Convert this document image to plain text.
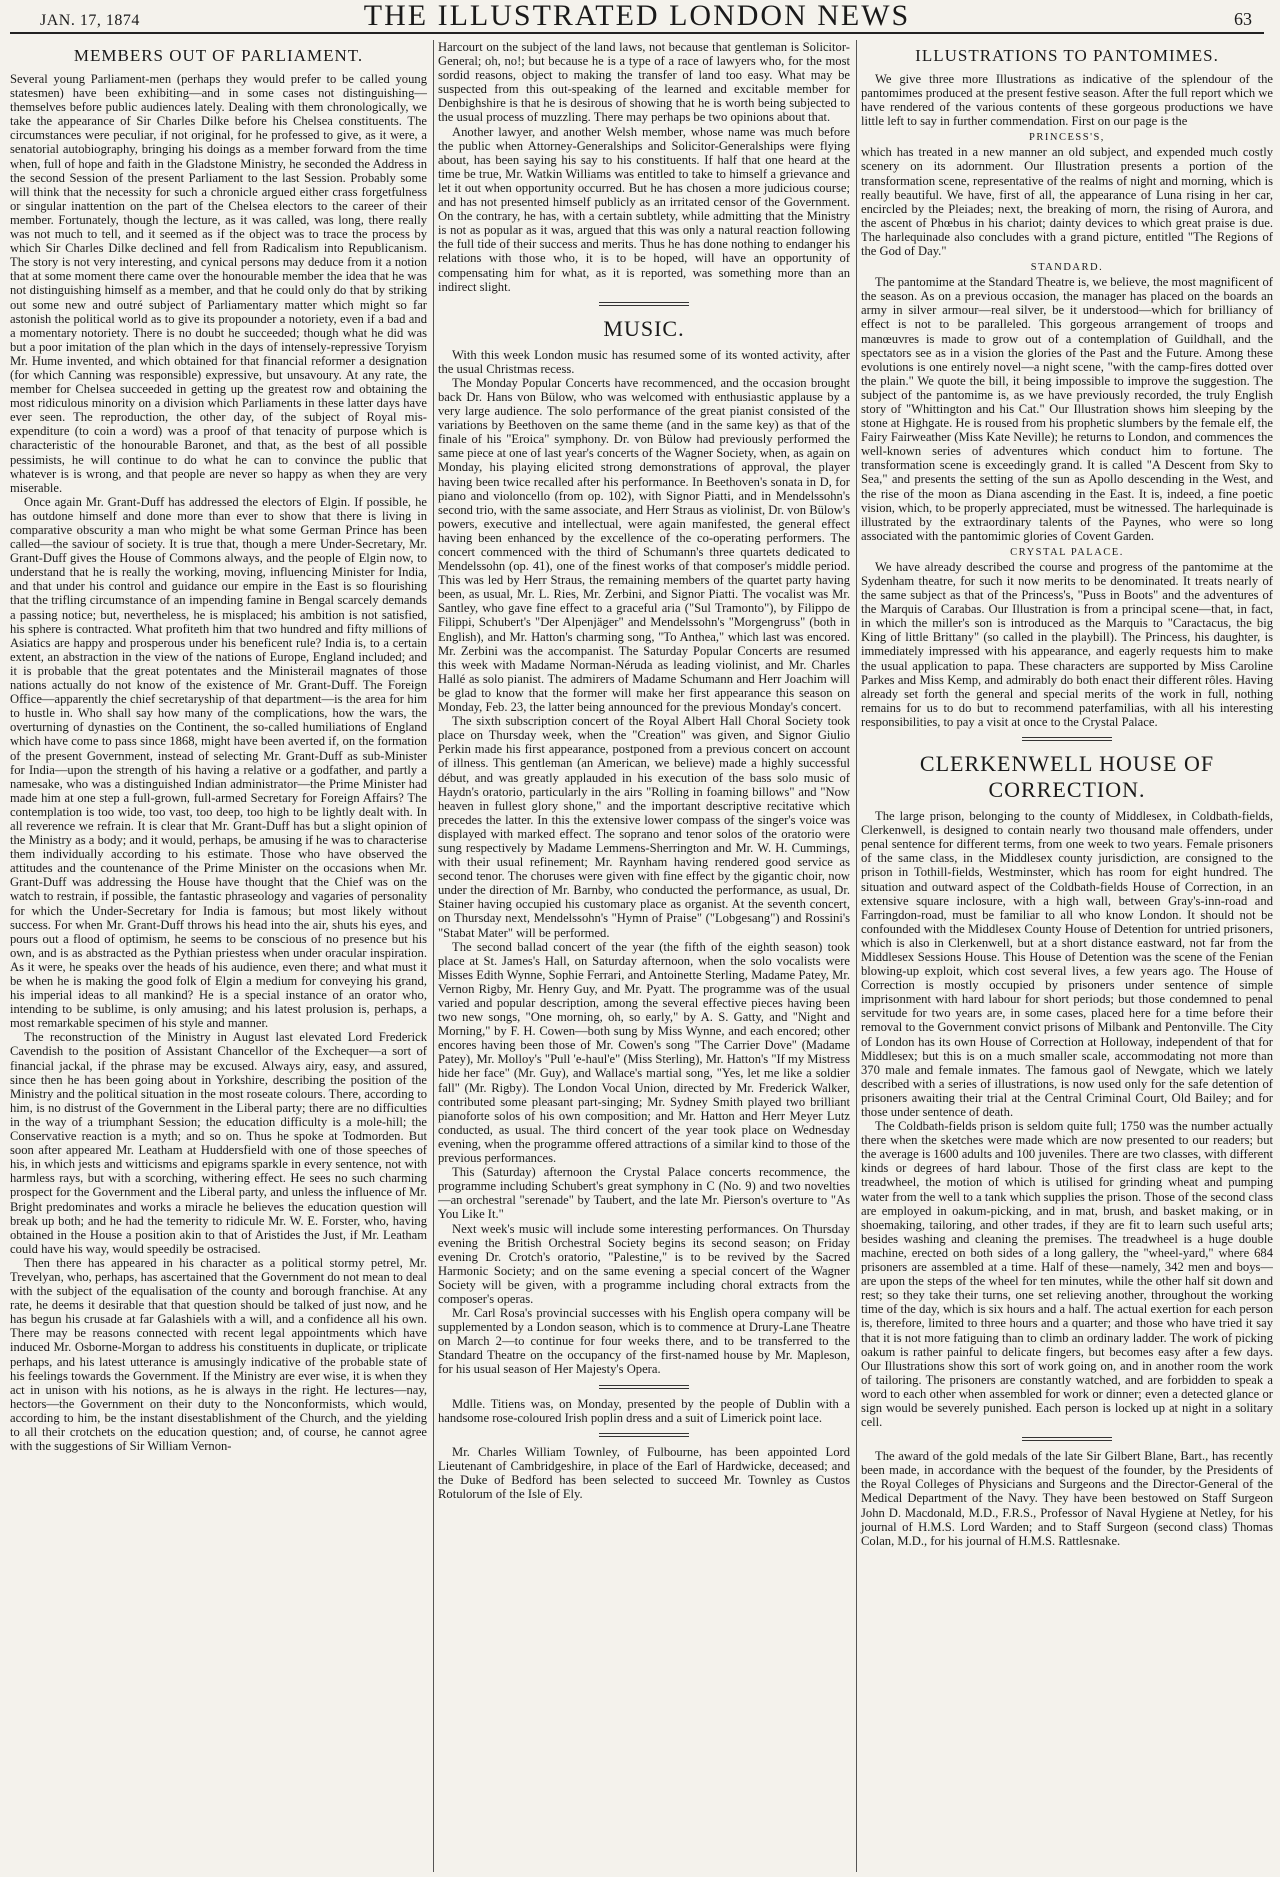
JAN. 17, 1874	THE ILLUSTRATED LONDON NEWS	63
MEMBERS OUT OF PARLIAMENT.

Several young Parliament-men (perhaps they would prefer to be called young statesmen) have been exhibiting—and in some cases not distinguishing—themselves before public audiences lately. Dealing with them chronologically, we take the appearance of Sir Charles Dilke before his Chelsea constituents. The circumstances were peculiar, if not original, for he professed to give, as it were, a senatorial autobiography, bringing his doings as a member forward from the time when, full of hope and faith in the Gladstone Ministry, he seconded the Address in the second Session of the present Parliament to the last Session. Probably some will think that the necessity for such a chronicle argued either crass forgetfulness or singular inattention on the part of the Chelsea electors to the career of their member. Fortunately, though the lecture, as it was called, was long, there really was not much to tell, and it seemed as if the object was to trace the process by which Sir Charles Dilke declined and fell from Radicalism into Republicanism. The story is not very interesting, and cynical persons may deduce from it a notion that at some moment there came over the honourable member the idea that he was not distinguishing himself as a member, and that he could only do that by striking out some new and outré subject of Parliamentary matter which might so far astonish the political world as to give its propounder a notoriety, even if a bad and a momentary notoriety. There is no doubt he succeeded; though what he did was but a poor imitation of the plan which in the days of intensely-repressive Toryism Mr. Hume invented, and which obtained for that financial reformer a designation (for which Canning was responsible) expressive, but unsavoury. At any rate, the member for Chelsea succeeded in getting up the greatest row and obtaining the most ridiculous minority on a division which Parliaments in these latter days have ever seen. The reproduction, the other day, of the subject of Royal mis-expenditure (to coin a word) was a proof of that tenacity of purpose which is characteristic of the honourable Baronet, and that, as the best of all possible pessimists, he will continue to do what he can to convince the public that whatever is is wrong, and that people are never so happy as when they are very miserable.

Once again Mr. Grant-Duff has addressed the electors of Elgin. If possible, he has outdone himself and done more than ever to show that there is living in comparative obscurity a man who might be what some German Prince has been called—the saviour of society. It is true that, though a mere Under-Secretary, Mr. Grant-Duff gives the House of Commons always, and the people of Elgin now, to understand that he is really the working, moving, influencing Minister for India, and that under his control and guidance our empire in the East is so flourishing that the trifling circumstance of an impending famine in Bengal scarcely demands a passing notice; but, nevertheless, he is misplaced; his ambition is not satisfied, his sphere is contracted. What profiteth him that two hundred and fifty millions of Asiatics are happy and prosperous under his beneficent rule? India is, to a certain extent, an abstraction in the view of the nations of Europe, England included; and it is probable that the great potentates and the Ministerail magnates of those nations actually do not know of the existence of Mr. Grant-Duff. The Foreign Office—apparently the chief secretaryship of that department—is the area for him to hustle in. Who shall say how many of the complications, how the wars, the overturning of dynasties on the Continent, the so-called humiliations of England which have come to pass since 1868, might have been averted if, on the formation of the present Government, instead of selecting Mr. Grant-Duff as sub-Minister for India—upon the strength of his having a relative or a godfather, and partly a namesake, who was a distinguished Indian administrator—the Prime Minister had made him at one step a full-grown, full-armed Secretary for Foreign Affairs? The contemplation is too wide, too vast, too deep, too high to be lightly dealt with. In all reverence we refrain. It is clear that Mr. Grant-Duff has but a slight opinion of the Ministry as a body; and it would, perhaps, be amusing if he was to characterise them individually according to his estimate. Those who have observed the attitudes and the countenance of the Prime Minister on the occasions when Mr. Grant-Duff was addressing the House have thought that the Chief was on the watch to restrain, if possible, the fantastic phraseology and vagaries of personality for which the Under-Secretary for India is famous; but most likely without success. For when Mr. Grant-Duff throws his head into the air, shuts his eyes, and pours out a flood of optimism, he seems to be conscious of no presence but his own, and is as abstracted as the Pythian priestess when under oracular inspiration. As it were, he speaks over the heads of his audience, even there; and what must it be when he is making the good folk of Elgin a medium for conveying his grand, his imperial ideas to all mankind? He is a special instance of an orator who, intending to be sublime, is only amusing; and his latest prolusion is, perhaps, a most remarkable specimen of his style and manner.

The reconstruction of the Ministry in August last elevated Lord Frederick Cavendish to the position of Assistant Chancellor of the Exchequer—a sort of financial jackal, if the phrase may be excused. Always airy, easy, and assured, since then he has been going about in Yorkshire, describing the position of the Ministry and the political situation in the most roseate colours. There, according to him, is no distrust of the Government in the Liberal party; there are no difficulties in the way of a triumphant Session; the education difficulty is a mole-hill; the Conservative reaction is a myth; and so on. Thus he spoke at Todmorden. But soon after appeared Mr. Leatham at Huddersfield with one of those speeches of his, in which jests and witticisms and epigrams sparkle in every sentence, not with harmless rays, but with a scorching, withering effect. He sees no such charming prospect for the Government and the Liberal party, and unless the influence of Mr. Bright predominates and works a miracle he believes the education question will break up both; and he had the temerity to ridicule Mr. W. E. Forster, who, having obtained in the House a position akin to that of Aristides the Just, if Mr. Leatham could have his way, would speedily be ostracised.

Then there has appeared in his character as a political stormy petrel, Mr. Trevelyan, who, perhaps, has ascertained that the Government do not mean to deal with the subject of the equalisation of the county and borough franchise. At any rate, he deems it desirable that that question should be talked of just now, and he has begun his crusade at far Galashiels with a will, and a confidence all his own. There may be reasons connected with recent legal appointments which have induced Mr. Osborne-Morgan to address his constituents in duplicate, or triplicate perhaps, and his latest utterance is amusingly indicative of the probable state of his feelings towards the Government. If the Ministry are ever wise, it is when they act in unison with his notions, as he is always in the right. He lectures—nay, hectors—the Government on their duty to the Nonconformists, which would, according to him, be the instant disestablishment of the Church, and the yielding to all their crotchets on the education question; and, of course, he cannot agree with the suggestions of Sir William Vernon-

Harcourt on the subject of the land laws, not because that gentleman is Solicitor-General; oh, no!; but because he is a type of a race of lawyers who, for the most sordid reasons, object to making the transfer of land too easy. What may be suspected from this out-speaking of the learned and excitable member for Denbighshire is that he is desirous of showing that he is worth being subjected to the usual process of muzzling. There may perhaps be two opinions about that.

Another lawyer, and another Welsh member, whose name was much before the public when Attorney-Generalships and Solicitor-Generalships were flying about, has been saying his say to his constituents. If half that one heard at the time be true, Mr. Watkin Williams was entitled to take to himself a grievance and let it out when opportunity occurred. But he has chosen a more judicious course; and has not presented himself publicly as an irritated censor of the Government. On the contrary, he has, with a certain subtlety, while admitting that the Ministry is not as popular as it was, argued that this was only a natural reaction following the full tide of their success and merits. Thus he has done nothing to endanger his relations with those who, it is to be hoped, will have an opportunity of compensating him for what, as it is reported, was something more than an indirect slight.

MUSIC.

With this week London music has resumed some of its wonted activity, after the usual Christmas recess.

The Monday Popular Concerts have recommenced, and the occasion brought back Dr. Hans von Bülow, who was welcomed with enthusiastic applause by a very large audience. The solo performance of the great pianist consisted of the variations by Beethoven on the same theme (and in the same key) as that of the finale of his "Eroica" symphony. Dr. von Bülow had previously performed the same piece at one of last year's concerts of the Wagner Society, when, as again on Monday, his playing elicited strong demonstrations of approval, the player having been twice recalled after his performance. In Beethoven's sonata in D, for piano and violoncello (from op. 102), with Signor Piatti, and in Mendelssohn's second trio, with the same associate, and Herr Straus as violinist, Dr. von Bülow's powers, executive and intellectual, were again manifested, the general effect having been enhanced by the excellence of the co-operating performers. The concert commenced with the third of Schumann's three quartets dedicated to Mendelssohn (op. 41), one of the finest works of that composer's middle period. This was led by Herr Straus, the remaining members of the quartet party having been, as usual, Mr. L. Ries, Mr. Zerbini, and Signor Piatti. The vocalist was Mr. Santley, who gave fine effect to a graceful aria ("Sul Tramonto"), by Filippo de Filippi, Schubert's "Der Alpenjäger" and Mendelssohn's "Morgengruss" (both in English), and Mr. Hatton's charming song, "To Anthea," which last was encored. Mr. Zerbini was the accompanist. The Saturday Popular Concerts are resumed this week with Madame Norman-Néruda as leading violinist, and Mr. Charles Hallé as solo pianist. The admirers of Madame Schumann and Herr Joachim will be glad to know that the former will make her first appearance this season on Monday, Feb. 23, the latter being announced for the previous Monday's concert.

The sixth subscription concert of the Royal Albert Hall Choral Society took place on Thursday week, when the "Creation" was given, and Signor Giulio Perkin made his first appearance, postponed from a previous concert on account of illness. This gentleman (an American, we believe) made a highly successful début, and was greatly applauded in his execution of the bass solo music of Haydn's oratorio, particularly in the airs "Rolling in foaming billows" and "Now heaven in fullest glory shone," and the important descriptive recitative which precedes the latter. In this the extensive lower compass of the singer's voice was displayed with marked effect. The soprano and tenor solos of the oratorio were sung respectively by Madame Lemmens-Sherrington and Mr. W. H. Cummings, with their usual refinement; Mr. Raynham having rendered good service as second tenor. The choruses were given with fine effect by the gigantic choir, now under the direction of Mr. Barnby, who conducted the performance, as usual, Dr. Stainer having occupied his customary place as organist. At the seventh concert, on Thursday next, Mendelssohn's "Hymn of Praise" ("Lobgesang") and Rossini's "Stabat Mater" will be performed.

The second ballad concert of the year (the fifth of the eighth season) took place at St. James's Hall, on Saturday afternoon, when the solo vocalists were Misses Edith Wynne, Sophie Ferrari, and Antoinette Sterling, Madame Patey, Mr. Vernon Rigby, Mr. Henry Guy, and Mr. Pyatt. The programme was of the usual varied and popular description, among the several effective pieces having been two new songs, "One morning, oh, so early," by A. S. Gatty, and "Night and Morning," by F. H. Cowen—both sung by Miss Wynne, and each encored; other encores having been those of Mr. Cowen's song "The Carrier Dove" (Madame Patey), Mr. Molloy's "Pull 'e-haul'e" (Miss Sterling), Mr. Hatton's "If my Mistress hide her face" (Mr. Guy), and Wallace's martial song, "Yes, let me like a soldier fall" (Mr. Rigby). The London Vocal Union, directed by Mr. Frederick Walker, contributed some pleasant part-singing; Mr. Sydney Smith played two brilliant pianoforte solos of his own composition; and Mr. Hatton and Herr Meyer Lutz conducted, as usual. The third concert of the year took place on Wednesday evening, when the programme offered attractions of a similar kind to those of the previous performances.

This (Saturday) afternoon the Crystal Palace concerts recommence, the programme including Schubert's great symphony in C (No. 9) and two novelties—an orchestral "serenade" by Taubert, and the late Mr. Pierson's overture to "As You Like It."

Next week's music will include some interesting performances. On Thursday evening the British Orchestral Society begins its second season; on Friday evening Dr. Crotch's oratorio, "Palestine," is to be revived by the Sacred Harmonic Society; and on the same evening a special concert of the Wagner Society will be given, with a programme including choral extracts from the composer's operas.

Mr. Carl Rosa's provincial successes with his English opera company will be supplemented by a London season, which is to commence at Drury-Lane Theatre on March 2—to continue for four weeks there, and to be transferred to the Standard Theatre on the occupancy of the first-named house by Mr. Mapleson, for his usual season of Her Majesty's Opera.

Mdlle. Titiens was, on Monday, presented by the people of Dublin with a handsome rose-coloured Irish poplin dress and a suit of Limerick point lace.

Mr. Charles William Townley, of Fulbourne, has been appointed Lord Lieutenant of Cambridgeshire, in place of the Earl of Hardwicke, deceased; and the Duke of Bedford has been selected to succeed Mr. Townley as Custos Rotulorum of the Isle of Ely.

ILLUSTRATIONS TO PANTOMIMES.

We give three more Illustrations as indicative of the splendour of the pantomimes produced at the present festive season. After the full report which we have rendered of the various contents of these gorgeous productions we have little left to say in further commendation. First on our page is the

PRINCESS'S,

which has treated in a new manner an old subject, and expended much costly scenery on its adornment. Our Illustration presents a portion of the transformation scene, representative of the realms of night and morning, which is really beautiful. We have, first of all, the appearance of Luna rising in her car, encircled by the Pleiades; next, the breaking of morn, the rising of Aurora, and the ascent of Phœbus in his chariot; dainty devices to which great praise is due. The harlequinade also concludes with a grand picture, entitled "The Regions of the God of Day."

STANDARD.

The pantomime at the Standard Theatre is, we believe, the most magnificent of the season. As on a previous occasion, the manager has placed on the boards an army in silver armour—real silver, be it understood—which for brilliancy of effect is not to be paralleled. This gorgeous arrangement of troops and manœuvres is made to grow out of a contemplation of Guildhall, and the spectators see as in a vision the glories of the Past and the Future. Among these evolutions is one entirely novel—a night scene, "with the camp-fires dotted over the plain." We quote the bill, it being impossible to improve the suggestion. The subject of the pantomime is, as we have previously recorded, the truly English story of "Whittington and his Cat." Our Illustration shows him sleeping by the stone at Highgate. He is roused from his prophetic slumbers by the female elf, the Fairy Fairweather (Miss Kate Neville); he returns to London, and commences the well-known series of adventures which conduct him to fortune. The transformation scene is exceedingly grand. It is called "A Descent from Sky to Sea," and presents the setting of the sun as Apollo descending in the West, and the rise of the moon as Diana ascending in the East. It is, indeed, a fine poetic vision, which, to be properly appreciated, must be witnessed. The harlequinade is illustrated by the extraordinary talents of the Paynes, who were so long associated with the pantomimic glories of Covent Garden.

CRYSTAL PALACE.

We have already described the course and progress of the pantomime at the Sydenham theatre, for such it now merits to be denominated. It treats nearly of the same subject as that of the Princess's, "Puss in Boots" and the adventures of the Marquis of Carabas. Our Illustration is from a principal scene—that, in fact, in which the miller's son is introduced as the Marquis to "Caractacus, the big King of little Brittany" (so called in the playbill). The Princess, his daughter, is immediately impressed with his appearance, and eagerly requests him to make the usual application to papa. These characters are supported by Miss Caroline Parkes and Miss Kemp, and admirably do both enact their different rôles. Having already set forth the general and special merits of the work in full, nothing remains for us to do but to recommend paterfamilias, with all his interesting responsibilities, to pay a visit at once to the Crystal Palace.

CLERKENWELL HOUSE OF CORRECTION.

The large prison, belonging to the county of Middlesex, in Coldbath-fields, Clerkenwell, is designed to contain nearly two thousand male offenders, under penal sentence for different terms, from one week to two years. Female prisoners of the same class, in the Middlesex county jurisdiction, are consigned to the prison in Tothill-fields, Westminster, which has room for eight hundred. The situation and outward aspect of the Coldbath-fields House of Correction, in an extensive square inclosure, with a high wall, between Gray's-inn-road and Farringdon-road, must be familiar to all who know London. It should not be confounded with the Middlesex County House of Detention for untried prisoners, which is also in Clerkenwell, but at a short distance eastward, not far from the Middlesex Sessions House. This House of Detention was the scene of the Fenian blowing-up exploit, which cost several lives, a few years ago. The House of Correction is mostly occupied by prisoners under sentence of simple imprisonment with hard labour for short periods; but those condemned to penal servitude for two years are, in some cases, placed here for a time before their removal to the Government convict prisons of Milbank and Pentonville. The City of London has its own House of Correction at Holloway, independent of that for Middlesex; but this is on a much smaller scale, accommodating not more than 370 male and female inmates. The famous gaol of Newgate, which we lately described with a series of illustrations, is now used only for the safe detention of prisoners awaiting their trial at the Central Criminal Court, Old Bailey; and for those under sentence of death.

The Coldbath-fields prison is seldom quite full; 1750 was the number actually there when the sketches were made which are now presented to our readers; but the average is 1600 adults and 100 juveniles. There are two classes, with different kinds or degrees of hard labour. Those of the first class are kept to the treadwheel, the motion of which is utilised for grinding wheat and pumping water from the well to a tank which supplies the prison. Those of the second class are employed in oakum-picking, and in mat, brush, and basket making, or in shoemaking, tailoring, and other trades, if they are fit to learn such useful arts; besides washing and cleaning the premises. The treadwheel is a huge double machine, erected on both sides of a long gallery, the "wheel-yard," where 684 prisoners are assembled at a time. Half of these—namely, 342 men and boys—are upon the steps of the wheel for ten minutes, while the other half sit down and rest; so they take their turns, one set relieving another, throughout the working time of the day, which is six hours and a half. The actual exertion for each person is, therefore, limited to three hours and a quarter; and those who have tried it say that it is not more fatiguing than to climb an ordinary ladder. The work of picking oakum is rather painful to delicate fingers, but becomes easy after a few days. Our Illustrations show this sort of work going on, and in another room the work of tailoring. The prisoners are constantly watched, and are forbidden to speak a word to each other when assembled for work or dinner; even a detected glance or sign would be severely punished. Each person is locked up at night in a solitary cell.

The award of the gold medals of the late Sir Gilbert Blane, Bart., has recently been made, in accordance with the bequest of the founder, by the Presidents of the Royal Colleges of Physicians and Surgeons and the Director-General of the Medical Department of the Navy. They have been bestowed on Staff Surgeon John D. Macdonald, M.D., F.R.S., Professor of Naval Hygiene at Netley, for his journal of H.M.S. Lord Warden; and to Staff Surgeon (second class) Thomas Colan, M.D., for his journal of H.M.S. Rattlesnake.
